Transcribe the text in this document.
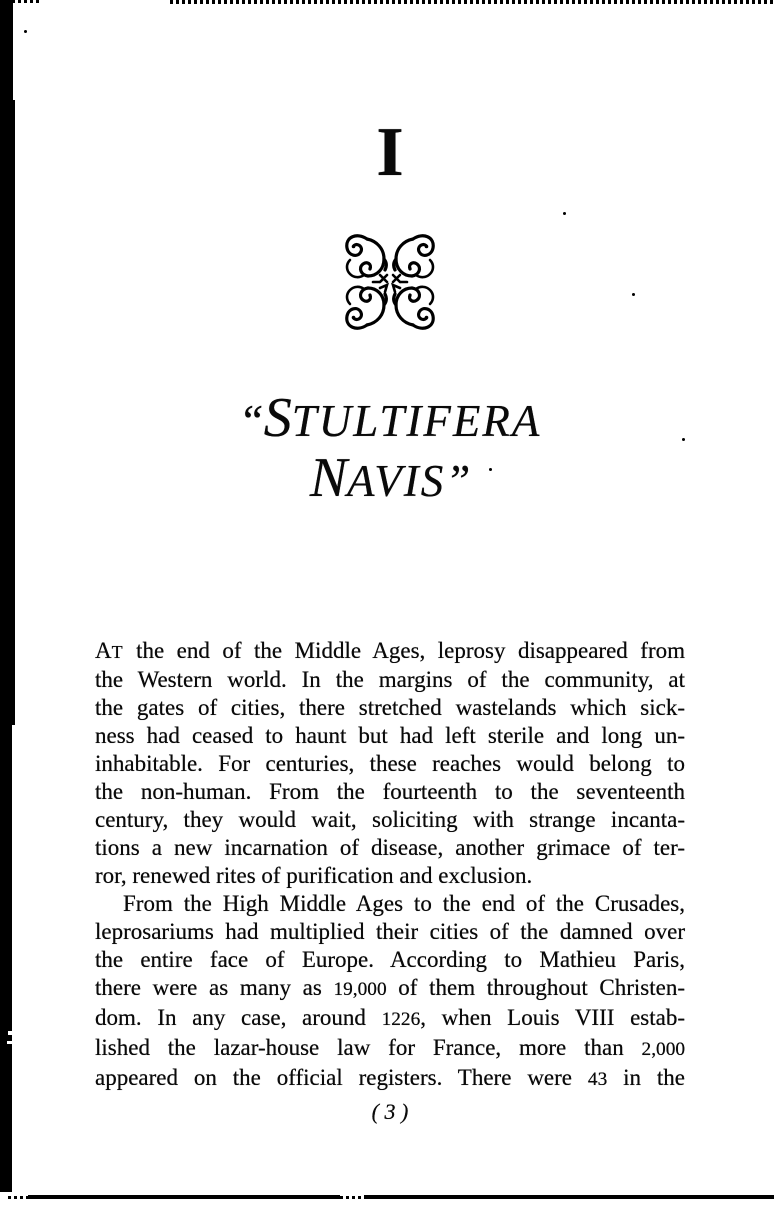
I
“STULTIFERA
NAVIS”
AT the end of the Middle Ages, leprosy disappeared from
the Western world. In the margins of the community, at
the gates of cities, there stretched wastelands which sick-
ness had ceased to haunt but had left sterile and long un-
inhabitable. For centuries, these reaches would belong to
the non-human. From the fourteenth to the seventeenth
century, they would wait, soliciting with strange incanta-
tions a new incarnation of disease, another grimace of ter-
ror, renewed rites of purification and exclusion.
From the High Middle Ages to the end of the Crusades,
leprosariums had multiplied their cities of the damned over
the entire face of Europe. According to Mathieu Paris,
there were as many as 19,000 of them throughout Christen-
dom. In any case, around 1226, when Louis VIII estab-
lished the lazar-house law for France, more than 2,000
appeared on the official registers. There were 43 in the
( 3 )
